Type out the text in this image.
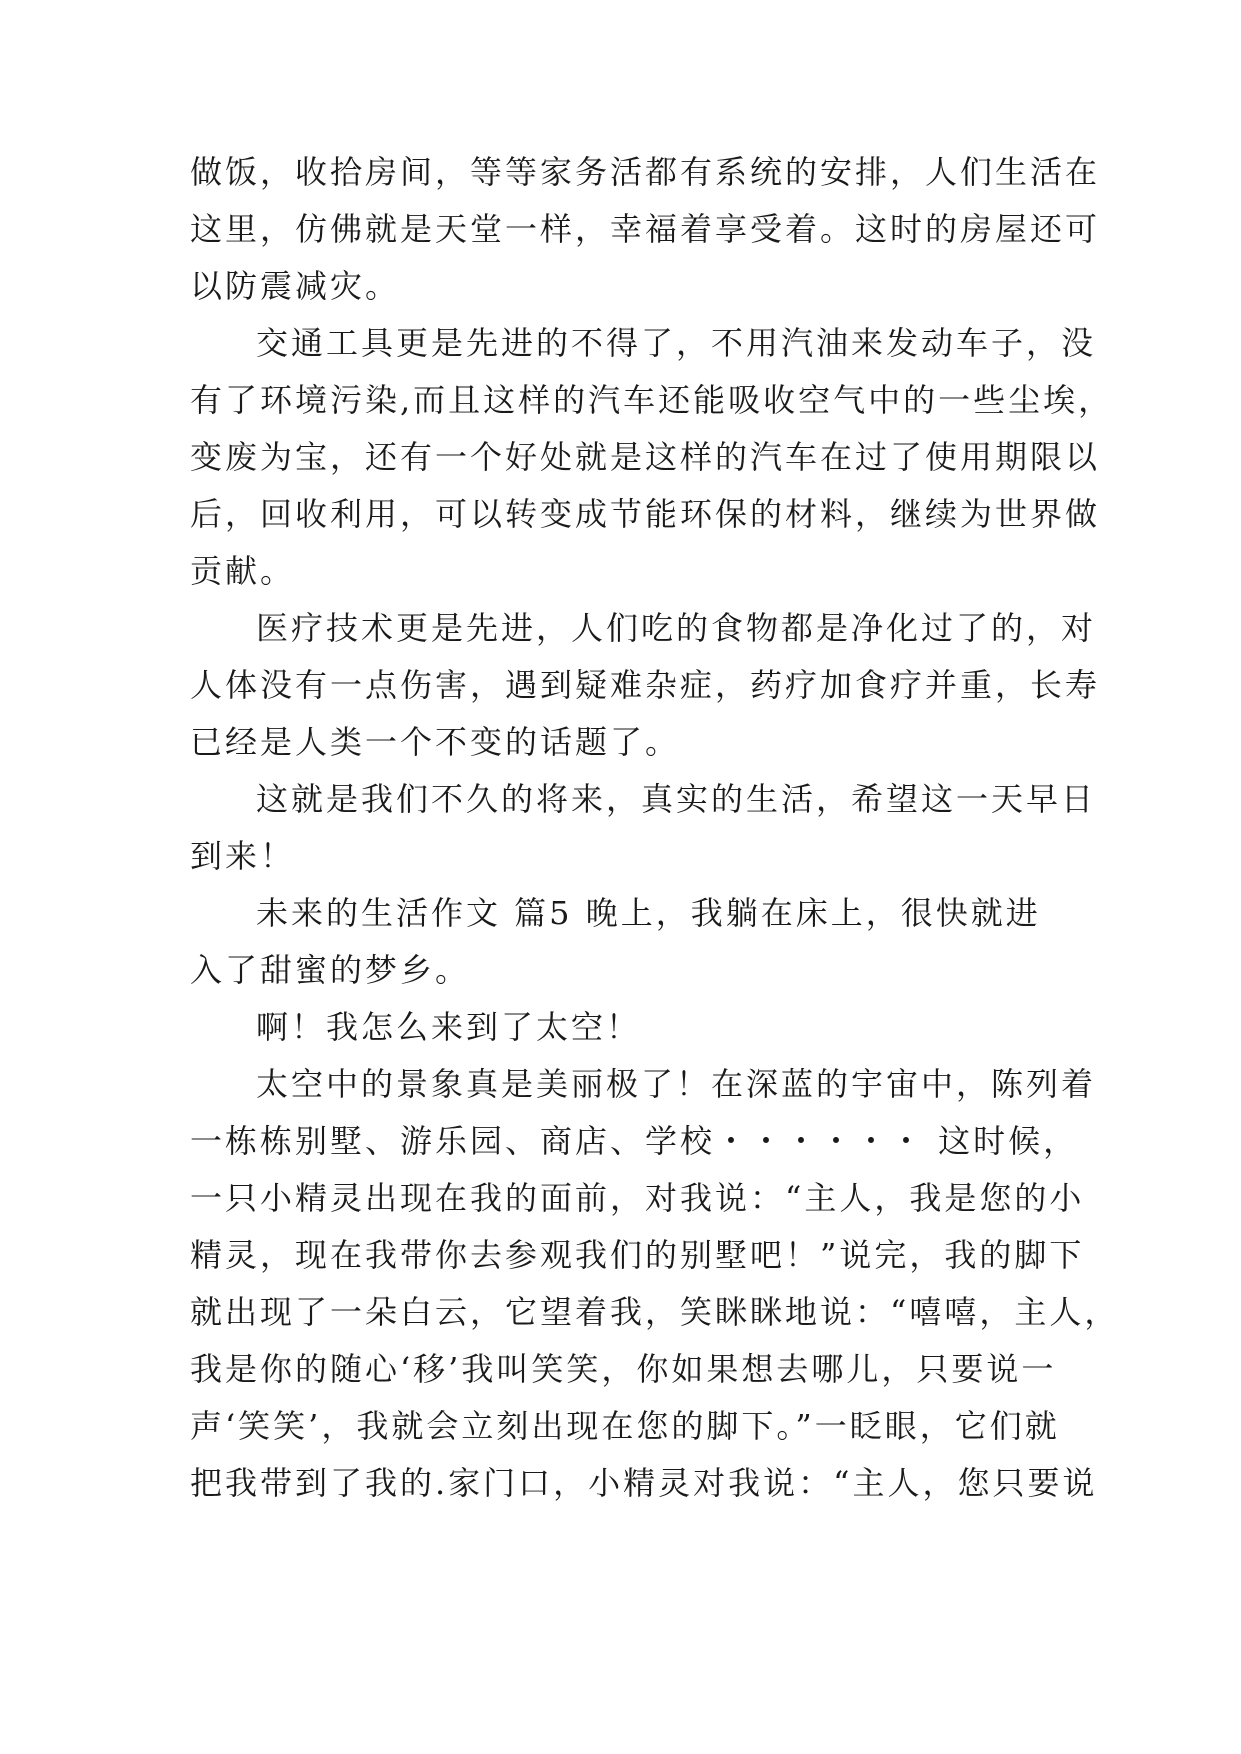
做饭，收拾房间，等等家务活都有系统的安排，人们生活在
这里，仿佛就是天堂一样，幸福着享受着。这时的房屋还可
以防震减灾。
交通工具更是先进的不得了，不用汽油来发动车子，没
有了环境污染,而且这样的汽车还能吸收空气中的一些尘埃，
变废为宝，还有一个好处就是这样的汽车在过了使用期限以
后，回收利用，可以转变成节能环保的材料，继续为世界做
贡献。
医疗技术更是先进，人们吃的食物都是净化过了的，对
人体没有一点伤害，遇到疑难杂症，药疗加食疗并重，长寿
已经是人类一个不变的话题了。
这就是我们不久的将来，真实的生活，希望这一天早日
到来！
未来的生活作文 篇5 晚上，我躺在床上，很快就进
入了甜蜜的梦乡。
啊！我怎么来到了太空！
太空中的景象真是美丽极了！在深蓝的宇宙中，陈列着
一栋栋别墅、游乐园、商店、学校・・・・・・ 这时候，
一只小精灵出现在我的面前，对我说：“主人，我是您的小
精灵，现在我带你去参观我们的别墅吧！”说完，我的脚下
就出现了一朵白云，它望着我，笑眯眯地说：“嘻嘻，主人，
我是你的随心‘移’我叫笑笑，你如果想去哪儿，只要说一
声‘笑笑’，我就会立刻出现在您的脚下。”一眨眼，它们就
把我带到了我的.家门口，小精灵对我说：“主人，您只要说
